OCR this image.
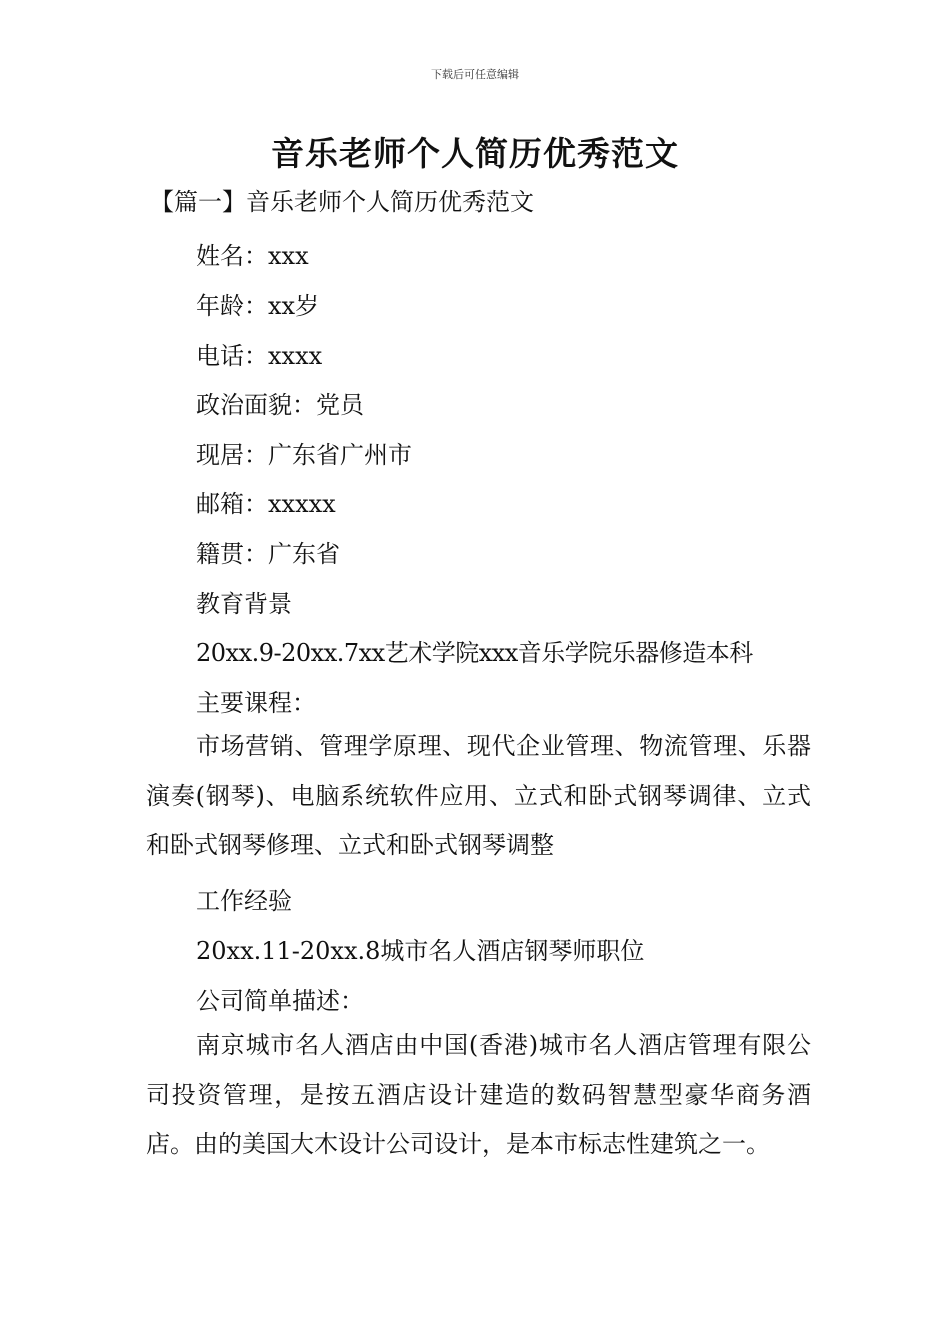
下载后可任意编辑
音乐老师个人简历优秀范文
【篇一】音乐老师个人简历优秀范文
姓名：xxx
年龄：xx岁
电话：xxxx
政治面貌：党员
现居：广东省广州市
邮箱：xxxxx
籍贯：广东省
教育背景
20xx.9-20xx.7xx艺术学院xxx音乐学院乐器修造本科
主要课程：

市场营销、管理学原理、现代企业管理、物流管理、乐器演奏(钢琴)、电脑系统软件应用、立式和卧式钢琴调律、立式和卧式钢琴修理、立式和卧式钢琴调整

工作经验
20xx.11-20xx.8城市名人酒店钢琴师职位
公司简单描述：

南京城市名人酒店由中国(香港)城市名人酒店管理有限公司投资管理，是按五酒店设计建造的数码智慧型豪华商务酒店。由的美国大木设计公司设计，是本市标志性建筑之一。
